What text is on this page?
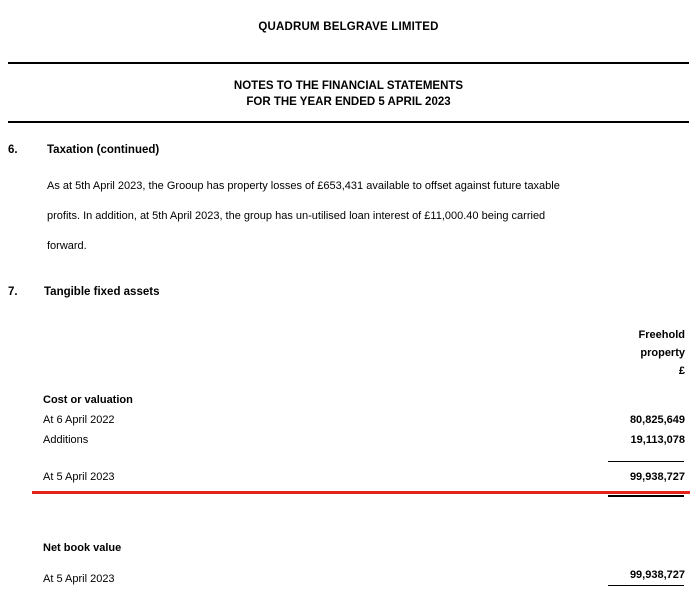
QUADRUM BELGRAVE LIMITED
NOTES TO THE FINANCIAL STATEMENTS
FOR THE YEAR ENDED 5 APRIL 2023
6.	Taxation (continued)
As at 5th April 2023, the Grooup has property losses of £653,431 available to offset against future taxable
profits. In addition, at 5th April 2023, the group has un-utilised loan interest of £11,000.40 being carried
forward.
7. Tangible fixed assets
Freehold
property
£
Cost or valuation
At 6 April 2022	80,825,649
Additions	19,113,078
At 5 April 2023	99,938,727
Net book value
At 5 April 2023	99,938,727
